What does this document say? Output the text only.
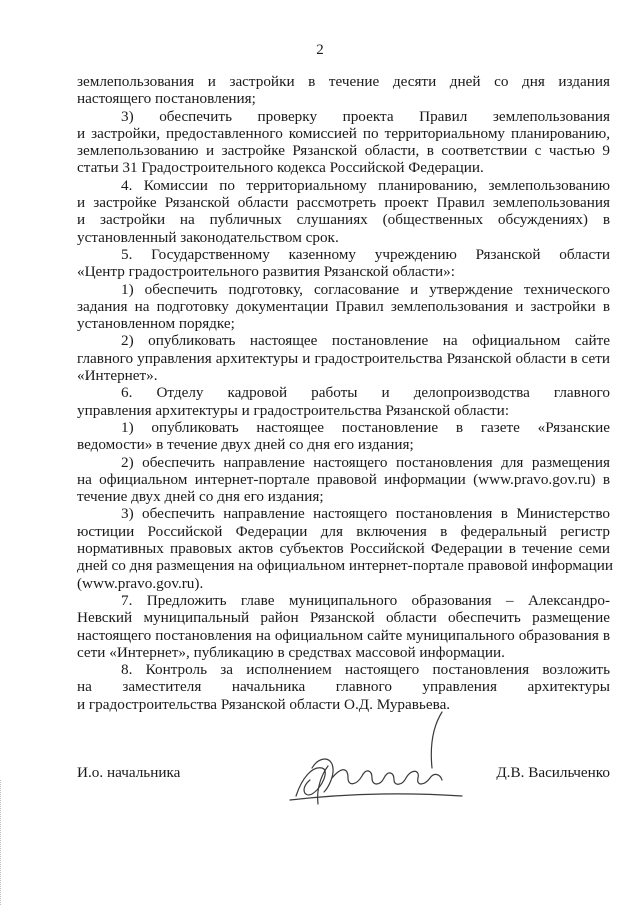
2
землепользования и застройки в течение десяти дней со дня издания
настоящего постановления;
3) обеспечить проверку проекта Правил землепользования
и застройки, предоставленного комиссией по территориальному планированию,
землепользованию и застройке Рязанской области, в соответствии с частью 9
статьи 31 Градостроительного кодекса Российской Федерации.
4. Комиссии по территориальному планированию, землепользованию
и застройке Рязанской области рассмотреть проект Правил землепользования
и застройки на публичных слушаниях (общественных обсуждениях) в
установленный законодательством срок.
5. Государственному казенному учреждению Рязанской области
«Центр градостроительного развития Рязанской области»:
1) обеспечить подготовку, согласование и утверждение технического
задания на подготовку документации Правил землепользования и застройки в
установленном порядке;
2) опубликовать настоящее постановление на официальном сайте
главного управления архитектуры и градостроительства Рязанской области в сети
«Интернет».
6. Отделу кадровой работы и делопроизводства главного
управления архитектуры и градостроительства Рязанской области:
1) опубликовать настоящее постановление в газете «Рязанские
ведомости» в течение двух дней со дня его издания;
2) обеспечить направление настоящего постановления для размещения
на официальном интернет-портале правовой информации (www.pravo.gov.ru) в
течение двух дней со дня его издания;
3) обеспечить направление настоящего постановления в Министерство
юстиции Российской Федерации для включения в федеральный регистр
нормативных правовых актов субъектов Российской Федерации в течение семи
дней со дня размещения на официальном интернет-портале правовой информации
(www.pravo.gov.ru).
7. Предложить главе муниципального образования – Александро-
Невский муниципальный район Рязанской области обеспечить размещение
настоящего постановления на официальном сайте муниципального образования в
сети «Интернет», публикацию в средствах массовой информации.
8. Контроль за исполнением настоящего постановления возложить
на заместителя начальника главного управления архитектуры
и градостроительства Рязанской области О.Д. Муравьева.
И.о. начальника	Д.В. Васильченко
